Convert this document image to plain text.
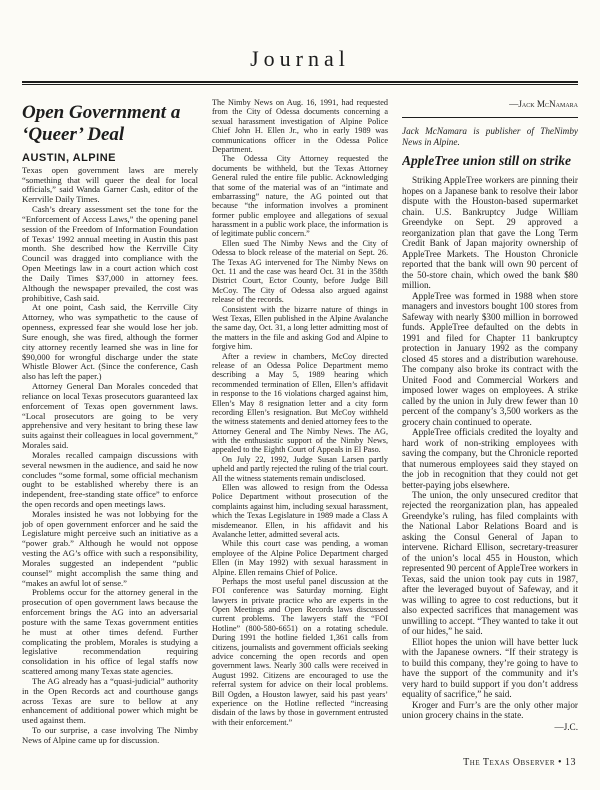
Journal
Open Government a ‘Queer’ Deal
AUSTIN, ALPINE

Texas open government laws are merely “something that will queer the deal for local officials,” said Wanda Garner Cash, editor of the Kerrville Daily Times.

Cash’s dreary assessment set the tone for the “Enforcement of Access Laws,” the opening panel session of the Freedom of Information Foundation of Texas’ 1992 annual meeting in Austin this past month. She described how the Kerrville City Council was dragged into compliance with the Open Meetings law in a court action which cost the Daily Times $37,000 in attorney fees. Although the newspaper prevailed, the cost was prohibitive, Cash said.

At one point, Cash said, the Kerrville City Attorney, who was sympathetic to the cause of openness, expressed fear she would lose her job. Sure enough, she was fired, although the former city attorney recently learned she was in line for $90,000 for wrongful discharge under the state Whistle Blower Act. (Since the conference, Cash also has left the paper.)

Attorney General Dan Morales conceded that reliance on local Texas prosecutors guaranteed lax enforcement of Texas open government laws. “Local prosecutors are going to be very apprehensive and very hesitant to bring these law suits against their colleagues in local government,” Morales said.

Morales recalled campaign discussions with several newsmen in the audience, and said he now concludes “some formal, some official mechanism ought to be established whereby there is an independent, free-standing state office” to enforce the open records and open meetings laws.

Morales insisted he was not lobbying for the job of open government enforcer and he said the Legislature might perceive such an initiative as a “power grab.” Although he would not oppose vesting the AG’s office with such a responsibility, Morales suggested an independent “public counsel” might accomplish the same thing and “makes an awful lot of sense.”

Problems occur for the attorney general in the prosecution of open government laws because the enforcement brings the AG into an adversarial posture with the same Texas government entities he must at other times defend. Further complicating the problem, Morales is studying a legislative recommendation requiring consolidation in his office of legal staffs now scattered among many Texas state agencies.

The AG already has a “quasi-judicial” authority in the Open Records act and courthouse gangs across Texas are sure to bellow at any enhancement of additional power which might be used against them.

To our surprise, a case involving The Nimby News of Alpine came up for discussion.

The Nimby News on Aug. 16, 1991, had requested from the City of Odessa documents concerning a sexual harassment investigation of Alpine Police Chief John H. Ellen Jr., who in early 1989 was communications officer in the Odessa Police Department.

The Odessa City Attorney requested the documents be withheld, but the Texas Attorney General ruled the entire file public. Acknowledging that some of the material was of an “intimate and embarrassing” nature, the AG pointed out that because “the information involves a prominent former public employee and allegations of sexual harassment in a public work place, the information is of legitimate public concern.”

Ellen sued The Nimby News and the City of Odessa to block release of the material on Sept. 26. The Texas AG intervened for The Nimby News on Oct. 11 and the case was heard Oct. 31 in the 358th District Court, Ector County, before Judge Bill McCoy. The City of Odessa also argued against release of the records.

Consistent with the bizarre nature of things in West Texas, Ellen published in the Alpine Avalanche the same day, Oct. 31, a long letter admitting most of the matters in the file and asking God and Alpine to forgive him.

After a review in chambers, McCoy directed release of an Odessa Police Department memo describing a May 5, 1989 hearing which recommended termination of Ellen, Ellen’s affidavit in response to the 16 violations charged against him, Ellen’s May 8 resignation letter and a city form recording Ellen’s resignation. But McCoy withheld the witness statements and denied attorney fees to the Attorney General and The Nimby News. The AG, with the enthusiastic support of the Nimby News, appealed to the Eighth Court of Appeals in El Paso.

On July 22, 1992, Judge Susan Larsen partly upheld and partly rejected the ruling of the trial court. All the witness statements remain undisclosed.

Ellen was allowed to resign from the Odessa Police Department without prosecution of the complaints against him, including sexual harassment, which the Texas Legislature in 1989 made a Class A misdemeanor. Ellen, in his affidavit and his Avalanche letter, admitted several acts.

While this court case was pending, a woman employee of the Alpine Police Department charged Ellen (in May 1992) with sexual harassment in Alpine. Ellen remains Chief of Police.

Perhaps the most useful panel discussion at the FOI conference was Saturday morning. Eight lawyers in private practice who are experts in the Open Meetings and Open Records laws discussed current problems. The lawyers staff the “FOI Hotline” (800-580-6651) on a rotating schedule. During 1991 the hotline fielded 1,361 calls from citizens, journalists and government officials seeking advice concerning the open records and open government laws. Nearly 300 calls were received in August 1992. Citizens are encouraged to use the referral system for advice on their local problems. Bill Ogden, a Houston lawyer, said his past years’ experience on the Hotline reflected “increasing disdain of the laws by those in government entrusted with their enforcement.”

—Jack McNamara

Jack McNamara is publisher of TheNimby News in Alpine.

AppleTree union still on strike

Striking AppleTree workers are pinning their hopes on a Japanese bank to resolve their labor dispute with the Houston-based supermarket chain. U.S. Bankruptcy Judge William Greendyke on Sept. 29 approved a reorganization plan that gave the Long Term Credit Bank of Japan majority ownership of AppleTree Markets. The Houston Chronicle reported that the bank will own 90 percent of the 50-store chain, which owed the bank $80 million.

AppleTree was formed in 1988 when store managers and investors bought 100 stores from Safeway with nearly $300 million in borrowed funds. AppleTree defaulted on the debts in 1991 and filed for Chapter 11 bankruptcy protection in January 1992 as the company closed 45 stores and a distribution warehouse. The company also broke its contract with the United Food and Commercial Workers and imposed lower wages on employees. A strike called by the union in July drew fewer than 10 percent of the company’s 3,500 workers as the grocery chain continued to operate.

AppleTree officials credited the loyalty and hard work of non-striking employees with saving the company, but the Chronicle reported that numerous employees said they stayed on the job in recognition that they could not get better-paying jobs elsewhere.

The union, the only unsecured creditor that rejected the reorganization plan, has appealed Greendyke’s ruling, has filed complaints with the National Labor Relations Board and is asking the Consul General of Japan to intervene. Richard Ellison, secretary-treasurer of the union’s local 455 in Houston, which represented 90 percent of AppleTree workers in Texas, said the union took pay cuts in 1987, after the leveraged buyout of Safeway, and it was willing to agree to cost reductions, but it also expected sacrifices that management was unwilling to accept. “They wanted to take it out of our hides,” he said.

Elliot hopes the union will have better luck with the Japanese owners. “If their strategy is to build this company, they’re going to have to have the support of the community and it’s very hard to build support if you don’t address equality of sacrifice,” he said.

Kroger and Furr’s are the only other major union grocery chains in the state.

—J.C.
The Texas Observer • 13
